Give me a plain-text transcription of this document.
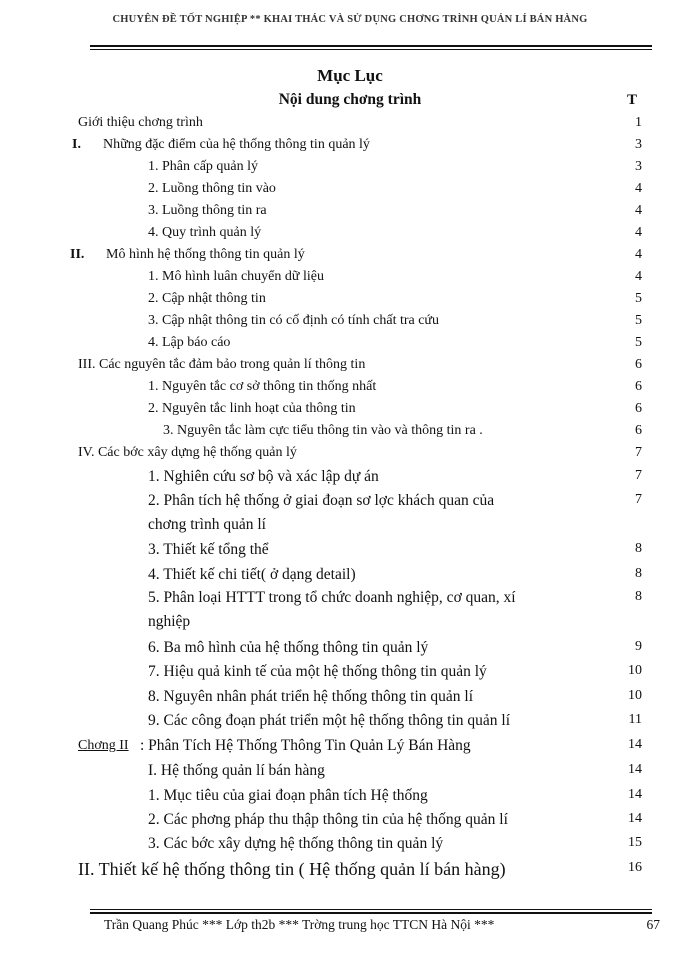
CHUYÊN ĐỀ TỐT NGHIỆP ** KHAI THÁC VÀ SỬ DỤNG CHƠNG TRÌNH QUẢN LÍ BÁN HÀNG
Mục Lục
Nội dung chơng trình	T
Giới thiệu chơng trình	1
I. Những đặc điểm của hệ thống thông tin quản lý	3
1. Phân cấp quản lý	3
2. Luồng thông tin vào	4
3. Luồng thông tin ra	4
4. Quy trình quản lý	4
II. Mô hình hệ thống thông tin quản lý	4
1. Mô hình luân chuyển dữ liệu	4
2. Cập nhật thông tin	5
3. Cập nhật thông tin có cố định có tính chất tra cứu	5
4. Lập báo cáo	5
III. Các nguyên tắc đảm bảo trong quản lí thông tin	6
1. Nguyên tắc cơ sở thông tin thống nhất	6
2. Nguyên tắc linh hoạt của thông tin	6
3. Nguyên tắc làm cực tiểu thông tin vào và thông tin ra .	6
IV. Các bớc xây dựng hệ thống quản lý	7
1. Nghiên cứu sơ bộ và xác lập dự án	7
2. Phân tích hệ thống ở giai đoạn sơ lợc khách quan của	7
chơng trình quản lí
3. Thiết kế tổng thể	8
4. Thiết kế chi tiết( ở dạng detail)	8
5. Phân loại HTTT trong tổ chức doanh nghiệp, cơ quan, xí	8
nghiệp
6. Ba mô hình của hệ thống thông tin quản lý	9
7. Hiệu quả kinh tế của một hệ thống thông tin quản lý	10
8. Nguyên nhân phát triển hệ thống thông tin quản lí	10
9. Các công đoạn phát triển một hệ thống thông tin quản lí	11
Chơng II : Phân Tích Hệ Thống Thông Tin Quản Lý Bán Hàng	14
I. Hệ thống quản lí bán hàng	14
1. Mục tiêu của giai đoạn phân tích Hệ thống	14
2. Các phơng pháp thu thập thông tin của hệ thống quản lí	14
3. Các bớc xây dựng hệ thống thông tin quản lý	15
II. Thiết kế hệ thống thông tin ( Hệ thống quản lí bán hàng)	16
Trần Quang Phúc *** Lớp th2b *** Trờng trung học TTCN Hà Nội ***	67
